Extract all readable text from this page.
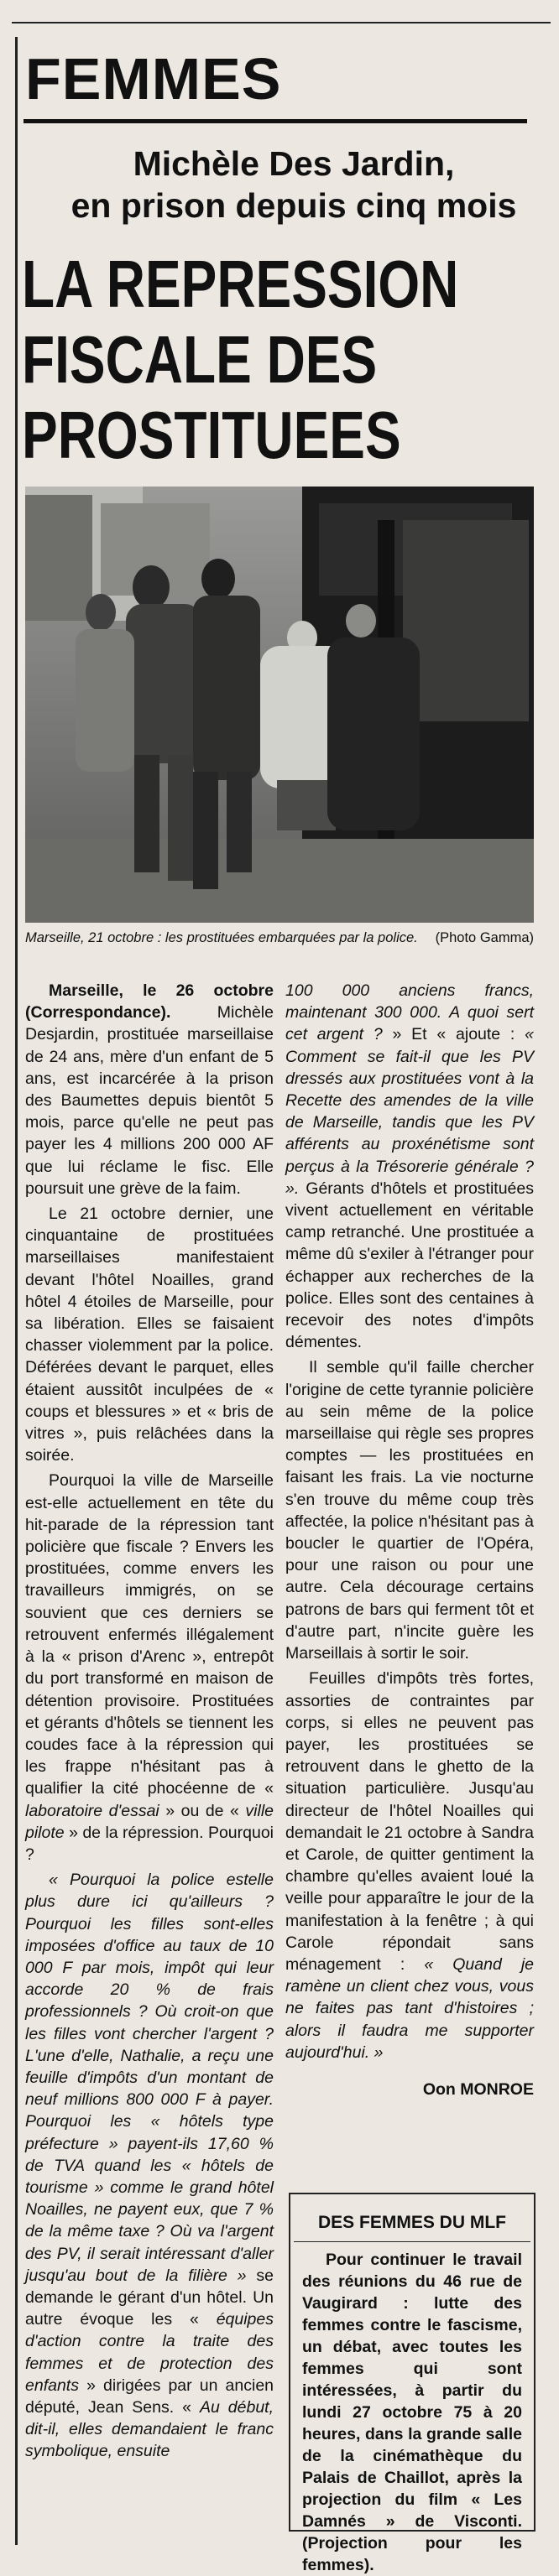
FEMMES
Michèle Des Jardin,
en prison depuis cinq mois
LA REPRESSION
FISCALE DES
PROSTITUEES
Marseille, 21 octobre : les prostituées embarquées par la police. (Photo Gamma)

Marseille, le 26 octobre (Correspondance). Michèle Desjardin, prostituée marseillaise de 24 ans, mère d'un enfant de 5 ans, est incarcérée à la prison des Baumettes depuis bientôt 5 mois, parce qu'elle ne peut pas payer les 4 millions 200 000 AF que lui réclame le fisc. Elle poursuit une grève de la faim.

Le 21 octobre dernier, une cinquantaine de prostituées marseillaises manifestaient devant l'hôtel Noailles, grand hôtel 4 étoiles de Marseille, pour sa libération. Elles se faisaient chasser violemment par la police. Déférées devant le parquet, elles étaient aussitôt inculpées de « coups et blessures » et « bris de vitres », puis relâchées dans la soirée.

Pourquoi la ville de Marseille est-elle actuellement en tête du hit-parade de la répression tant policière que fiscale ? Envers les prostituées, comme envers les travailleurs immigrés, on se souvient que ces derniers se retrouvent enfermés illégalement à la « prison d'Arenc », entrepôt du port transformé en maison de détention provisoire. Prostituées et gérants d'hôtels se tiennent les coudes face à la répression qui les frappe n'hésitant pas à qualifier la cité phocéenne de « laboratoire d'essai » ou de « ville pilote » de la répression. Pourquoi ?

« Pourquoi la police estelle plus dure ici qu'ailleurs ? Pourquoi les filles sont-elles imposées d'office au taux de 10 000 F par mois, impôt qui leur accorde 20 % de frais professionnels ? Où croit-on que les filles vont chercher l'argent ? L'une d'elle, Nathalie, a reçu une feuille d'impôts d'un montant de neuf millions 800 000 F à payer. Pourquoi les « hôtels type préfecture » payent-ils 17,60 % de TVA quand les « hôtels de tourisme » comme le grand hôtel Noailles, ne payent eux, que 7 % de la même taxe ? Où va l'argent des PV, il serait intéressant d'aller jusqu'au bout de la filière » se demande le gérant d'un hôtel. Un autre évoque les « équipes d'action contre la traite des femmes et de protection des enfants » dirigées par un ancien député, Jean Sens. « Au début, dit-il, elles demandaient le franc symbolique, ensuite

100 000 anciens francs, maintenant 300 000. A quoi sert cet argent ? » Et « ajoute : « Comment se fait-il que les PV dressés aux prostituées vont à la Recette des amendes de la ville de Marseille, tandis que les PV afférents au proxénétisme sont perçus à la Trésorerie générale ? ». Gérants d'hôtels et prostituées vivent actuellement en véritable camp retranché. Une prostituée a même dû s'exiler à l'étranger pour échapper aux recherches de la police. Elles sont des centaines à recevoir des notes d'impôts démentes.

Il semble qu'il faille chercher l'origine de cette tyrannie policière au sein même de la police marseillaise qui règle ses propres comptes — les prostituées en faisant les frais. La vie nocturne s'en trouve du même coup très affectée, la police n'hésitant pas à boucler le quartier de l'Opéra, pour une raison ou pour une autre. Cela décourage certains patrons de bars qui ferment tôt et d'autre part, n'incite guère les Marseillais à sortir le soir.

Feuilles d'impôts très fortes, assorties de contraintes par corps, si elles ne peuvent pas payer, les prostituées se retrouvent dans le ghetto de la situation particulière. Jusqu'au directeur de l'hôtel Noailles qui demandait le 21 octobre à Sandra et Carole, de quitter gentiment la chambre qu'elles avaient loué la veille pour apparaître le jour de la manifestation à la fenêtre ; à qui Carole répondait sans ménagement : « Quand je ramène un client chez vous, vous ne faites pas tant d'histoires ; alors il faudra me supporter aujourd'hui. »

Oon MONROE

DES FEMMES DU MLF
Pour continuer le travail des réunions du 46 rue de Vaugirard : lutte des femmes contre le fascisme, un débat, avec toutes les femmes qui sont intéressées, à partir du lundi 27 octobre 75 à 20 heures, dans la grande salle de la cinémathèque du Palais de Chaillot, après la projection du film « Les Damnés » de Visconti. (Projection pour les femmes).
